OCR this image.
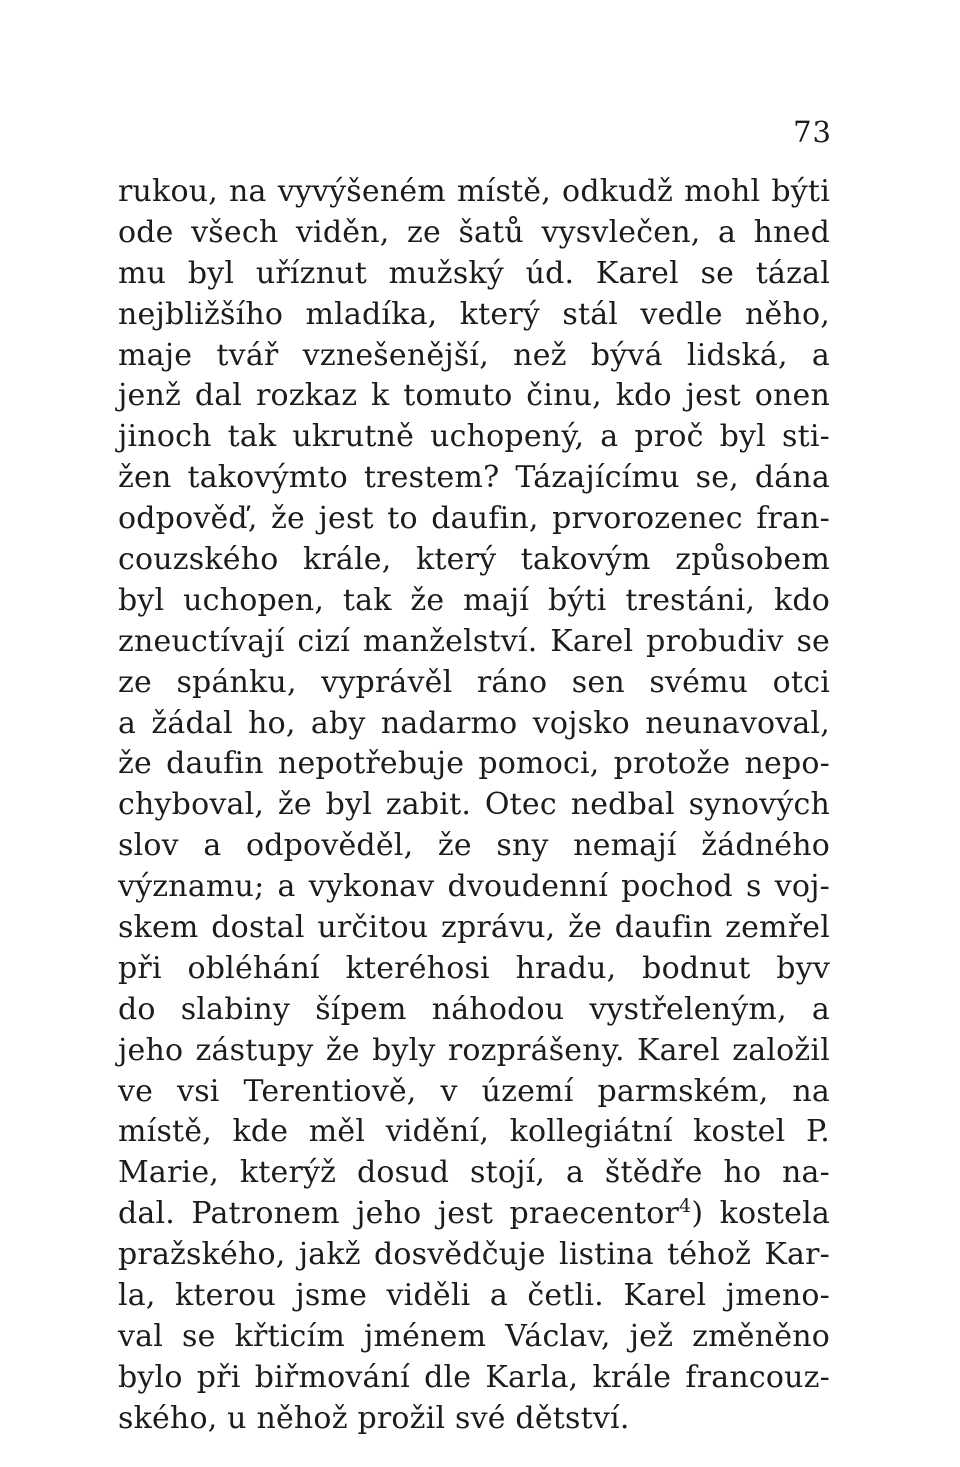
73
rukou, na vyvýšeném místě, odkudž mohl býti
ode všech viděn, ze šatů vysvlečen, a hned
mu byl uříznut mužský úd. Karel se tázal
nejbližšího mladíka, který stál vedle něho,
maje tvář vznešenější, než bývá lidská, a
jenž dal rozkaz k tomuto činu, kdo jest onen
jinoch tak ukrutně uchopený, a proč byl sti-
žen takovýmto trestem? Tázajícímu se, dána
odpověď, že jest to daufin, prvorozenec fran-
couzského krále, který takovým způsobem
byl uchopen, tak že mají býti trestáni, kdo
zneuctívají cizí manželství. Karel probudiv se
ze spánku, vyprávěl ráno sen svému otci
a žádal ho, aby nadarmo vojsko neunavoval,
že daufin nepotřebuje pomoci, protože nepo-
chyboval, že byl zabit. Otec nedbal synových
slov a odpověděl, že sny nemají žádného
významu; a vykonav dvoudenní pochod s voj-
skem dostal určitou zprávu, že daufin zemřel
při obléhání kteréhosi hradu, bodnut byv
do slabiny šípem náhodou vystřeleným, a
jeho zástupy že byly rozprášeny. Karel založil
ve vsi Terentiově, v území parmském, na
místě, kde měl vidění, kollegiátní kostel P.
Marie, kterýž dosud stojí, a štědře ho na-
dal. Patronem jeho jest praecentor$^4$) kostela
pražského, jakž dosvědčuje listina téhož Kar-
la, kterou jsme viděli a četli. Karel jmeno-
val se křticím jménem Václav, jež změněno
bylo při biřmování dle Karla, krále francouz-
ského, u něhož prožil své dětství.
